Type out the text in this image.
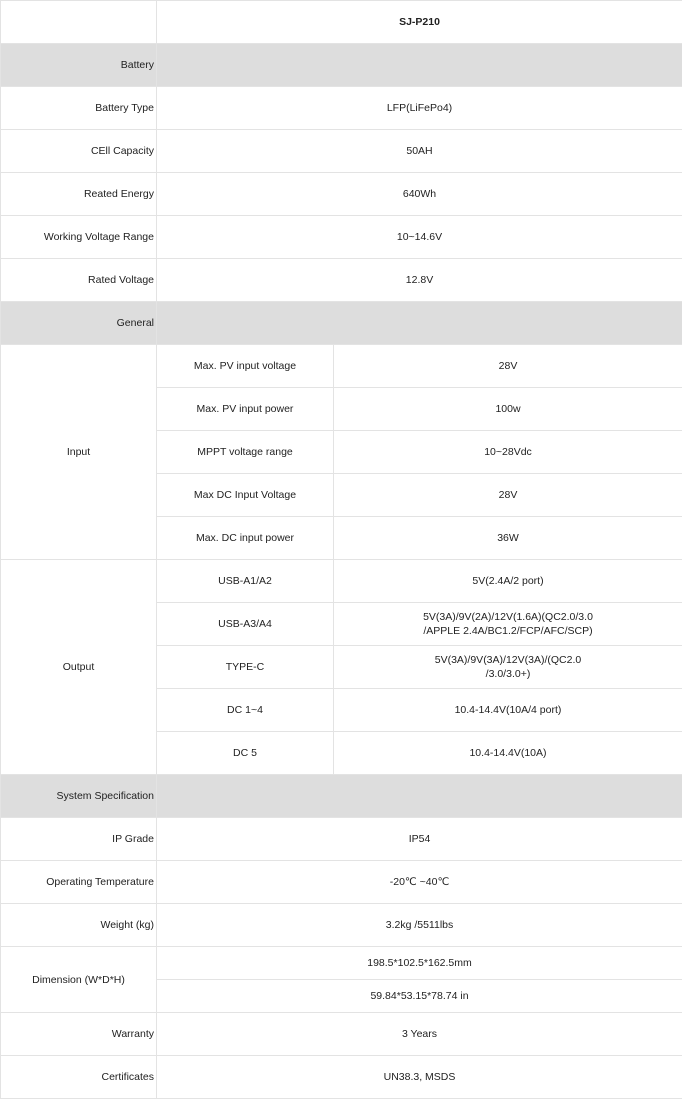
	SJ-P210	
Battery		
Battery Type	LFP(LiFePo4)	
CEll Capacity	50AH	
Reated Energy	640Wh	
Working Voltage Range	10~14.6V	
Rated Voltage	12.8V	
General		
Input	Max. PV input voltage	28V
	Max. PV input power	100w
	MPPT voltage range	10~28Vdc
	Max DC Input Voltage	28V
	Max. DC input power	36W
Output	USB-A1/A2	5V(2.4A/2 port)
	USB-A3/A4	5V(3A)/9V(2A)/12V(1.6A)(QC2.0/3.0
/APPLE 2.4A/BC1.2/FCP/AFC/SCP)

	TYPE-C	5V(3A)/9V(3A)/12V(3A)/(QC2.0
/3.0/3.0+)

	DC 1~4	10.4-14.4V(10A/4 port)
	DC 5	10.4-14.4V(10A)
System Specification		
IP Grade	IP54	
Operating Temperature	-20℃ ~40℃	
Weight (kg)	3.2kg /5511lbs	
Dimension (W*D*H)	198.5*102.5*162.5mm	
	59.84*53.15*78.74 in	
Warranty	3 Years	
Certificates	UN38.3, MSDS	
